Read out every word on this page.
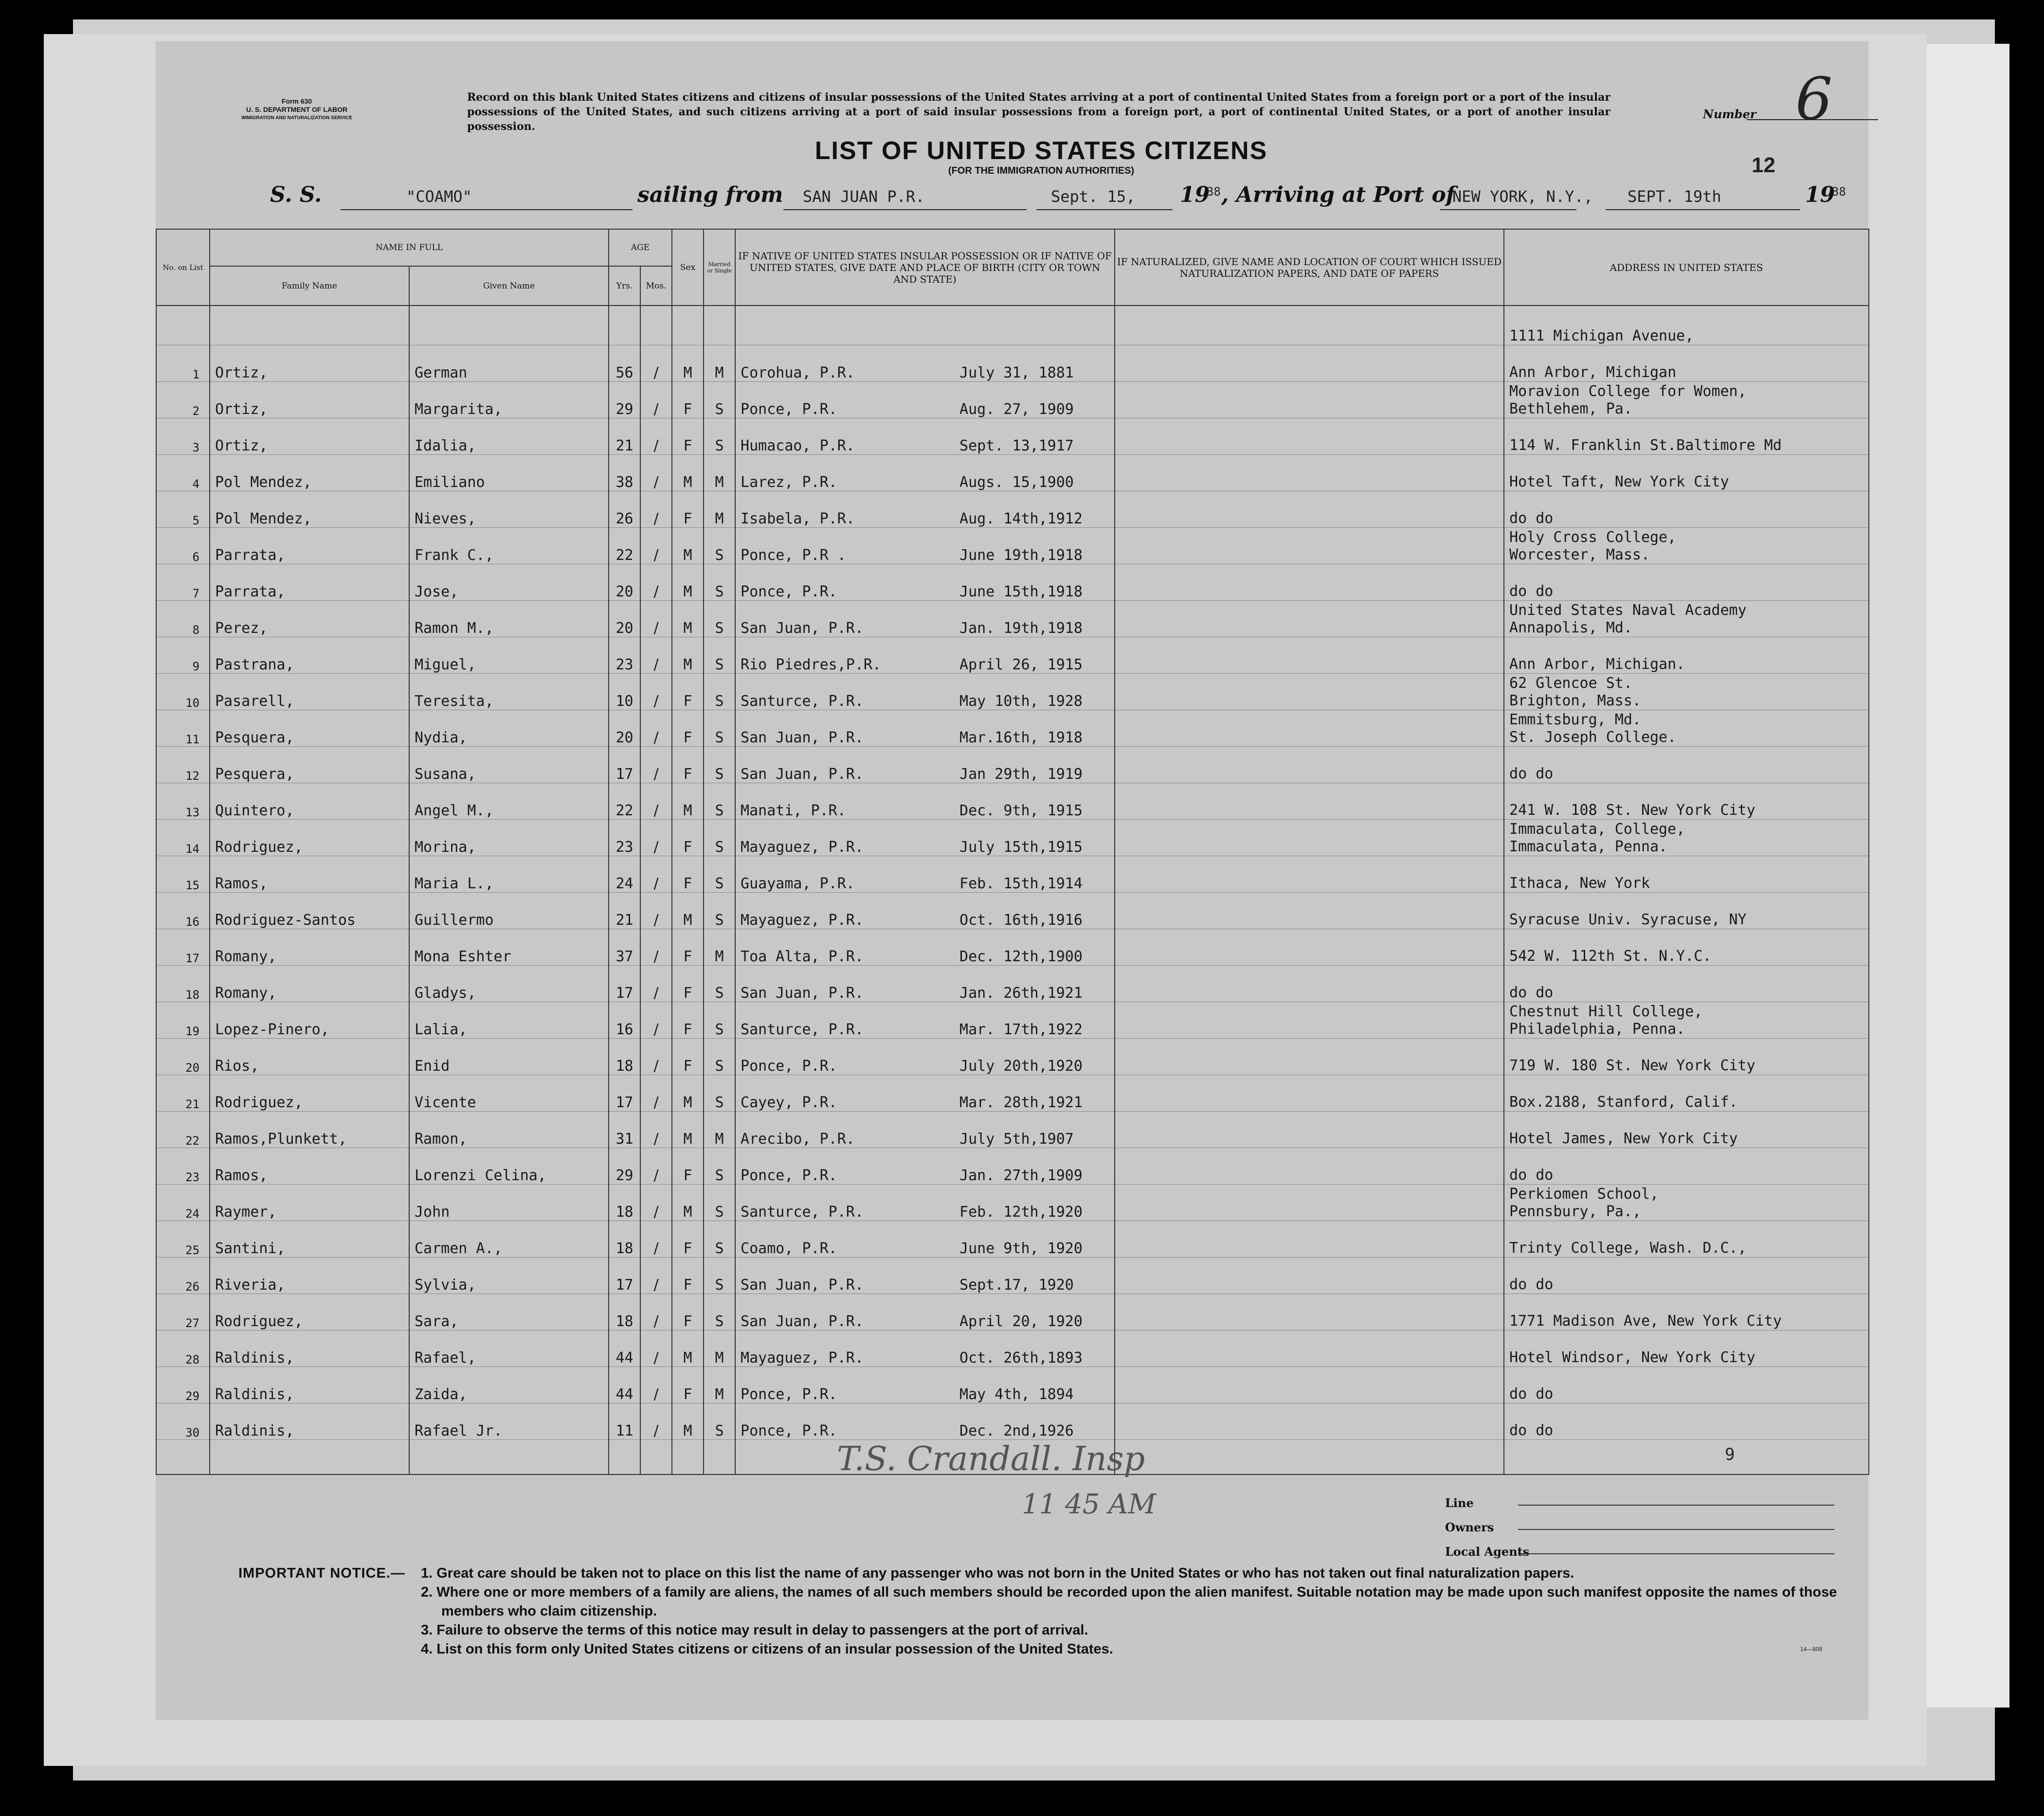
Form 630
U. S. DEPARTMENT OF LABOR
IMMIGRATION AND NATURALIZATION SERVICE
Record on this blank United States citizens and citizens of insular possessions of the United States arriving at a port of continental United States from a foreign port or a port of the insular possessions of the United States, and such citizens arriving at a port of said insular possessions from a foreign port, a port of continental United States, or a port of another insular possession.
Number 6
LIST OF UNITED STATES CITIZENS
(FOR THE IMMIGRATION AUTHORITIES)	12
S. S.	"COAMO"	sailing from SAN JUAN P.R.	Sept. 15, 19
38 , Arriving at Port of
NEW YORK, N.Y., SEPT. 19th	19
38
No. on List	NAME IN FULL		AGE		Sex	Married or Single	IF NATIVE OF UNITED STATES INSULAR POSSESSION OR IF NATIVE OF UNITED STATES, GIVE DATE AND PLACE OF BIRTH (CITY OR TOWN AND STATE)	IF NATURALIZED, GIVE NAME AND LOCATION OF COURT WHICH ISSUED NATURALIZATION PAPERS, AND DATE OF PAPERS	ADDRESS IN UNITED STATES
	Family Name	Given Name	Yrs.	Mos.					

									1111 Michigan Avenue,

1	Ortiz,	German	56	/	M	M	Corohua, P.R. July 31, 1881		Ann Arbor, Michigan

2	Ortiz,	Margarita,	29	/	F	S	Ponce, P.R. Aug. 27, 1909		Moravion College for Women,
Bethlehem, Pa.

3	Ortiz,	Idalia,	21	/	F	S	Humacao, P.R. Sept. 13,1917		114 W. Franklin St.Baltimore Md

4	Pol Mendez,	Emiliano	38	/	M	M	Larez, P.R. Augs. 15,1900		Hotel Taft, New York City

5	Pol Mendez,	Nieves,	26	/	F	M	Isabela, P.R. Aug. 14th,1912		do do

6	Parrata,	Frank C.,	22	/	M	S	Ponce, P.R . June 19th,1918		Holy Cross College,
Worcester, Mass.

7	Parrata,	Jose,	20	/	M	S	Ponce, P.R. June 15th,1918		do do

8	Perez,	Ramon M.,	20	/	M	S	San Juan, P.R. Jan. 19th,1918		United States Naval Academy
Annapolis, Md.

9	Pastrana,	Miguel,	23	/	M	S	Rio Piedres,P.R. April 26, 1915		Ann Arbor, Michigan.

10	Pasarell,	Teresita,	10	/	F	S	Santurce, P.R. May 10th, 1928		62 Glencoe St.
Brighton, Mass.

11	Pesquera,	Nydia,	20	/	F	S	San Juan, P.R. Mar.16th, 1918		Emmitsburg, Md.
St. Joseph College.

12	Pesquera,	Susana,	17	/	F	S	San Juan, P.R. Jan 29th, 1919		do do

13	Quintero,	Angel M.,	22	/	M	S	Manati, P.R. Dec. 9th, 1915		241 W. 108 St. New York City

14	Rodriguez,	Morina,	23	/	F	S	Mayaguez, P.R. July 15th,1915		Immaculata, College,
Immaculata, Penna.

15	Ramos,	Maria L.,	24	/	F	S	Guayama, P.R. Feb. 15th,1914		Ithaca, New York

16	Rodriguez-Santos	Guillermo	21	/	M	S	Mayaguez, P.R. Oct. 16th,1916		Syracuse Univ. Syracuse, NY

17	Romany,	Mona Eshter	37	/	F	M	Toa Alta, P.R. Dec. 12th,1900		542 W. 112th St. N.Y.C.

18	Romany,	Gladys,	17	/	F	S	San Juan, P.R. Jan. 26th,1921		do do

19	Lopez-Pinero,	Lalia,	16	/	F	S	Santurce, P.R. Mar. 17th,1922		Chestnut Hill College,
Philadelphia, Penna.

20	Rios,	Enid	18	/	F	S	Ponce, P.R. July 20th,1920		719 W. 180 St. New York City

21	Rodriguez,	Vicente	17	/	M	S	Cayey, P.R. Mar. 28th,1921		Box.2188, Stanford, Calif.

22	Ramos,Plunkett,	Ramon,	31	/	M	M	Arecibo, P.R. July 5th,1907		Hotel James, New York City

23	Ramos,	Lorenzi Celina,	29	/	F	S	Ponce, P.R. Jan. 27th,1909		do do

24	Raymer,	John	18	/	M	S	Santurce, P.R. Feb. 12th,1920		Perkiomen School,
Pennsbury, Pa.,

25	Santini,	Carmen A.,	18	/	F	S	Coamo, P.R. June 9th, 1920		Trinty College, Wash. D.C.,

26	Riveria,	Sylvia,	17	/	F	S	San Juan, P.R. Sept.17, 1920		do do

27	Rodriguez,	Sara,	18	/	F	S	San Juan, P.R. April 20, 1920		1771 Madison Ave, New York City

28	Raldinis,	Rafael,	44	/	M	M	Mayaguez, P.R. Oct. 26th,1893		Hotel Windsor, New York City

29	Raldinis,	Zaida,	44	/	F	M	Ponce, P.R. May 4th, 1894		do do

30	Raldinis,	Rafael Jr.	11	/	M	S	Ponce, P.R. Dec. 2nd,1926		do do

T.S. Crandall. Insp
11 45 AM
9
Line
Owners
Local Agents
IMPORTANT NOTICE.— 1. Great care should be taken not to place on this list the name of any passenger who was not born in the United States or who has not taken out final naturalization papers.
2. Where one or more members of a family are aliens, the names of all such members should be recorded upon the alien manifest. Suitable notation may be made upon such manifest opposite the names of those members who claim citizenship.
3. Failure to observe the terms of this notice may result in delay to passengers at the port of arrival.
4. List on this form only United States citizens or citizens of an insular possession of the United States.	14—808
